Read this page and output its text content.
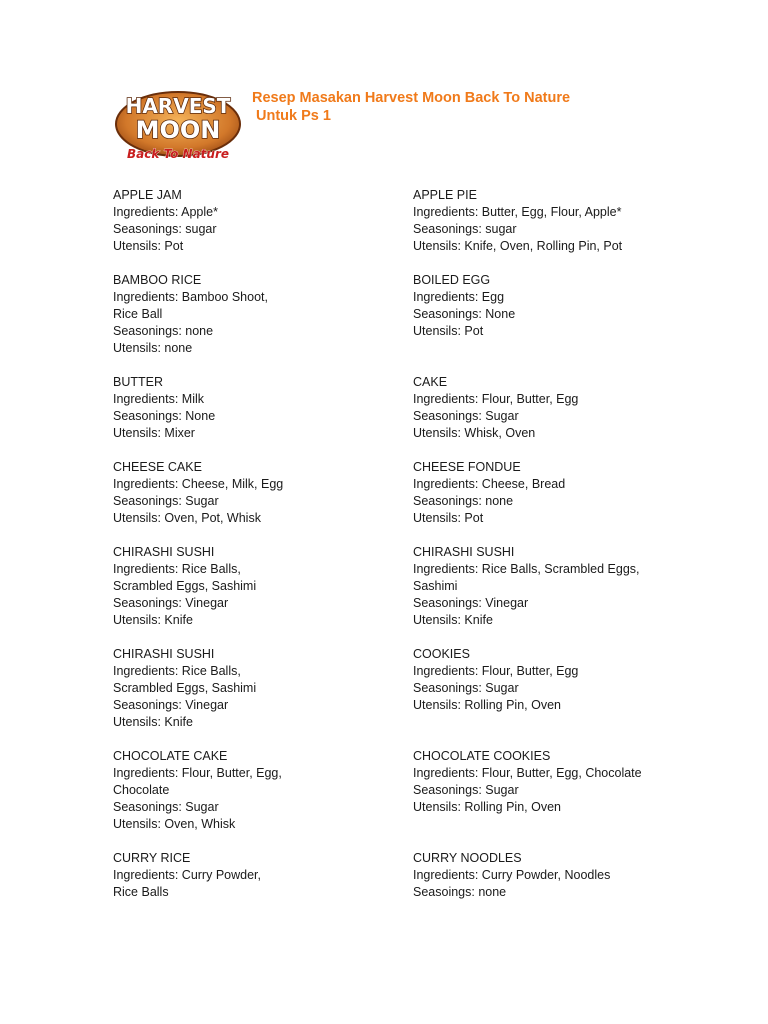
HARVEST
MOON
Back To Nature
Resep Masakan Harvest Moon Back To Nature
Untuk Ps 1
APPLE JAM
Ingredients: Apple*
Seasonings: sugar
Utensils: Pot
BAMBOO RICE
Ingredients: Bamboo Shoot,
Rice Ball
Seasonings: none
Utensils: none
BUTTER
Ingredients: Milk
Seasonings: None
Utensils: Mixer
CHEESE CAKE
Ingredients: Cheese, Milk, Egg
Seasonings: Sugar
Utensils: Oven, Pot, Whisk
CHIRASHI SUSHI
Ingredients: Rice Balls,
Scrambled Eggs, Sashimi
Seasonings: Vinegar
Utensils: Knife
CHIRASHI SUSHI
Ingredients: Rice Balls,
Scrambled Eggs, Sashimi
Seasonings: Vinegar
Utensils: Knife
CHOCOLATE CAKE
Ingredients: Flour, Butter, Egg,
Chocolate
Seasonings: Sugar
Utensils: Oven, Whisk
CURRY RICE
Ingredients: Curry Powder,
Rice Balls
APPLE PIE
Ingredients: Butter, Egg, Flour, Apple*
Seasonings: sugar
Utensils: Knife, Oven, Rolling Pin, Pot
BOILED EGG
Ingredients: Egg
Seasonings: None
Utensils: Pot
CAKE
Ingredients: Flour, Butter, Egg
Seasonings: Sugar
Utensils: Whisk, Oven
CHEESE FONDUE
Ingredients: Cheese, Bread
Seasonings: none
Utensils: Pot
CHIRASHI SUSHI
Ingredients: Rice Balls, Scrambled Eggs,
Sashimi
Seasonings: Vinegar
Utensils: Knife
COOKIES
Ingredients: Flour, Butter, Egg
Seasonings: Sugar
Utensils: Rolling Pin, Oven
CHOCOLATE COOKIES
Ingredients: Flour, Butter, Egg, Chocolate
Seasonings: Sugar
Utensils: Rolling Pin, Oven
CURRY NOODLES
Ingredients: Curry Powder, Noodles
Seasoings: none
